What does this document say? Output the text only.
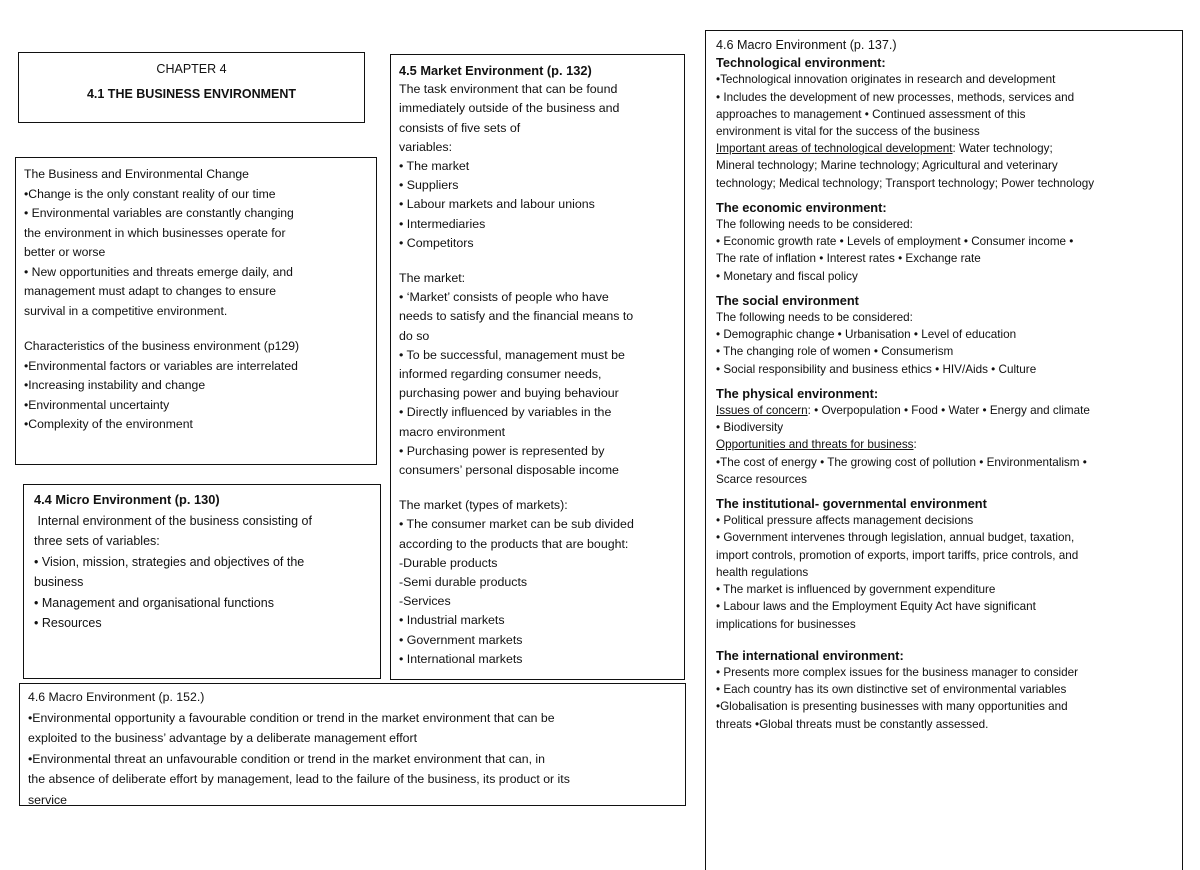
CHAPTER 4
4.1 THE BUSINESS ENVIRONMENT
The Business and Environmental Change
•Change is the only constant reality of our time
• Environmental variables are constantly changing
the environment in which businesses operate for
better or worse
• New opportunities and threats emerge daily, and
management must adapt to changes to ensure
survival in a competitive environment.
Characteristics of the business environment (p129)
•Environmental factors or variables are interrelated
•Increasing instability and change
•Environmental uncertainty
•Complexity of the environment
4.4 Micro Environment (p. 130)
Internal environment of the business consisting of
three sets of variables:
• Vision, mission, strategies and objectives of the
business
• Management and organisational functions
• Resources
4.5 Market Environment (p. 132)
The task environment that can be found
immediately outside of the business and
consists of five sets of
variables:
• The market
• Suppliers
• Labour markets and labour unions
• Intermediaries
• Competitors
The market:
• ‘Market’ consists of people who have
needs to satisfy and the financial means to
do so
• To be successful, management must be
informed regarding consumer needs,
purchasing power and buying behaviour
• Directly influenced by variables in the
macro environment
• Purchasing power is represented by
consumers’ personal disposable income
The market (types of markets):
• The consumer market can be sub divided
according to the products that are bought:
-Durable products
-Semi durable products
-Services
• Industrial markets
• Government markets
• International markets
4.6 Macro Environment (p. 152.)
•Environmental opportunity a favourable condition or trend in the market environment that can be
exploited to the business’ advantage by a deliberate management effort
•Environmental threat an unfavourable condition or trend in the market environment that can, in
the absence of deliberate effort by management, lead to the failure of the business, its product or its
service
4.6 Macro Environment (p. 137.)
Technological environment:
•Technological innovation originates in research and development
• Includes the development of new processes, methods, services and
approaches to management • Continued assessment of this
environment is vital for the success of the business
Important areas of technological development: Water technology;
Mineral technology; Marine technology; Agricultural and veterinary
technology; Medical technology; Transport technology; Power technology
The economic environment:
The following needs to be considered:
• Economic growth rate • Levels of employment • Consumer income •
The rate of inflation • Interest rates • Exchange rate
• Monetary and fiscal policy
The social environment
The following needs to be considered:
• Demographic change • Urbanisation • Level of education
• The changing role of women • Consumerism
• Social responsibility and business ethics • HIV/Aids • Culture
The physical environment:
Issues of concern: • Overpopulation • Food • Water • Energy and climate
• Biodiversity
Opportunities and threats for business:
•The cost of energy • The growing cost of pollution • Environmentalism •
Scarce resources
The institutional- governmental environment
• Political pressure affects management decisions
• Government intervenes through legislation, annual budget, taxation,
import controls, promotion of exports, import tariffs, price controls, and
health regulations
• The market is influenced by government expenditure
• Labour laws and the Employment Equity Act have significant
implications for businesses
The international environment:
• Presents more complex issues for the business manager to consider
• Each country has its own distinctive set of environmental variables
•Globalisation is presenting businesses with many opportunities and
threats •Global threats must be constantly assessed.
